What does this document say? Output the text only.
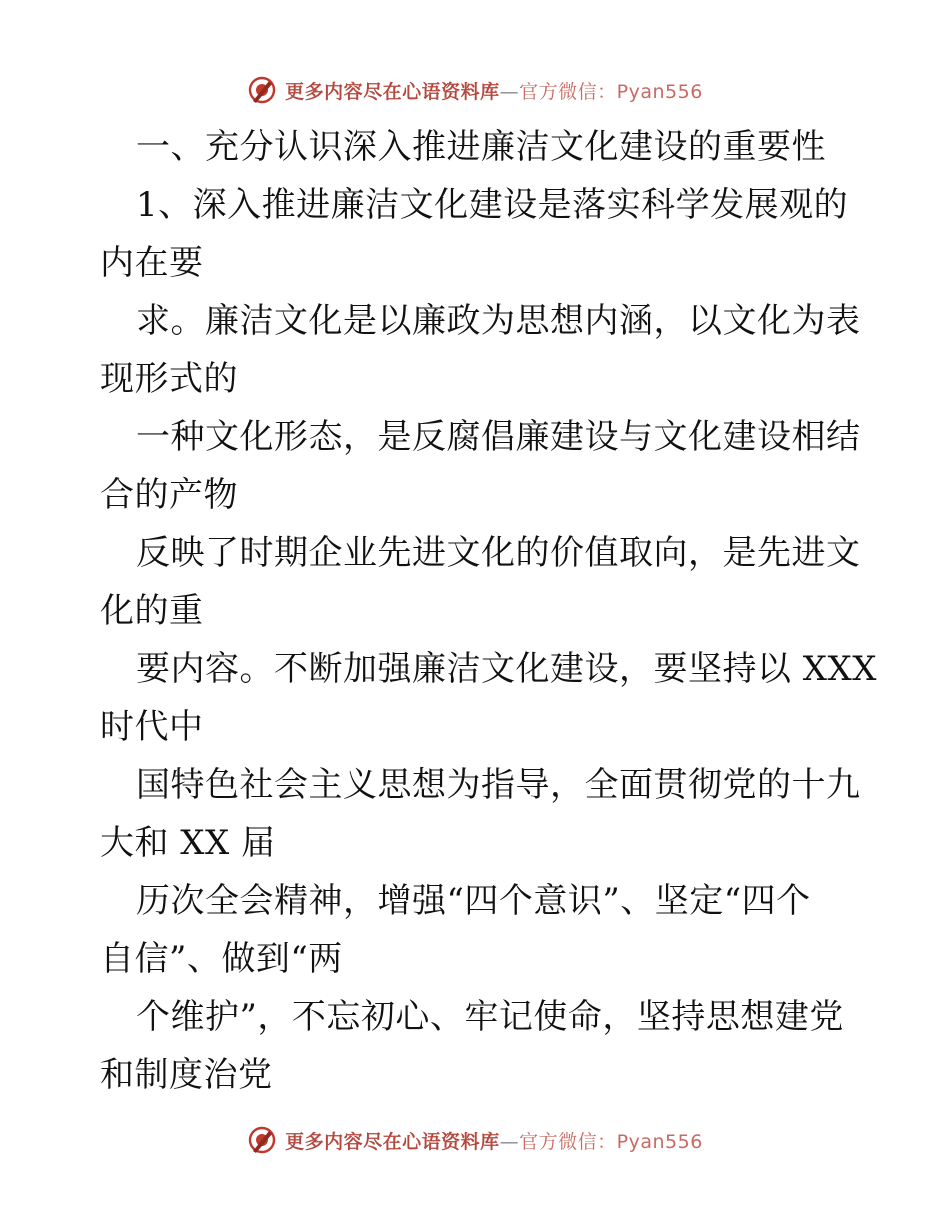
更多内容尽在心语资料库—官方微信：Pyan556
一、充分认识深入推进廉洁文化建设的重要性
1、深入推进廉洁文化建设是落实科学发展观的
内在要
求。廉洁文化是以廉政为思想内涵，以文化为表
现形式的
一种文化形态，是反腐倡廉建设与文化建设相结
合的产物
反映了时期企业先进文化的价值取向，是先进文
化的重
要内容。不断加强廉洁文化建设，要坚持以 XXX
时代中
国特色社会主义思想为指导，全面贯彻党的十九
大和 XX 届
历次全会精神，增强“四个意识”、坚定“四个
自信”、做到“两
个维护”，不忘初心、牢记使命，坚持思想建党
和制度治党
更多内容尽在心语资料库—官方微信：Pyan556
